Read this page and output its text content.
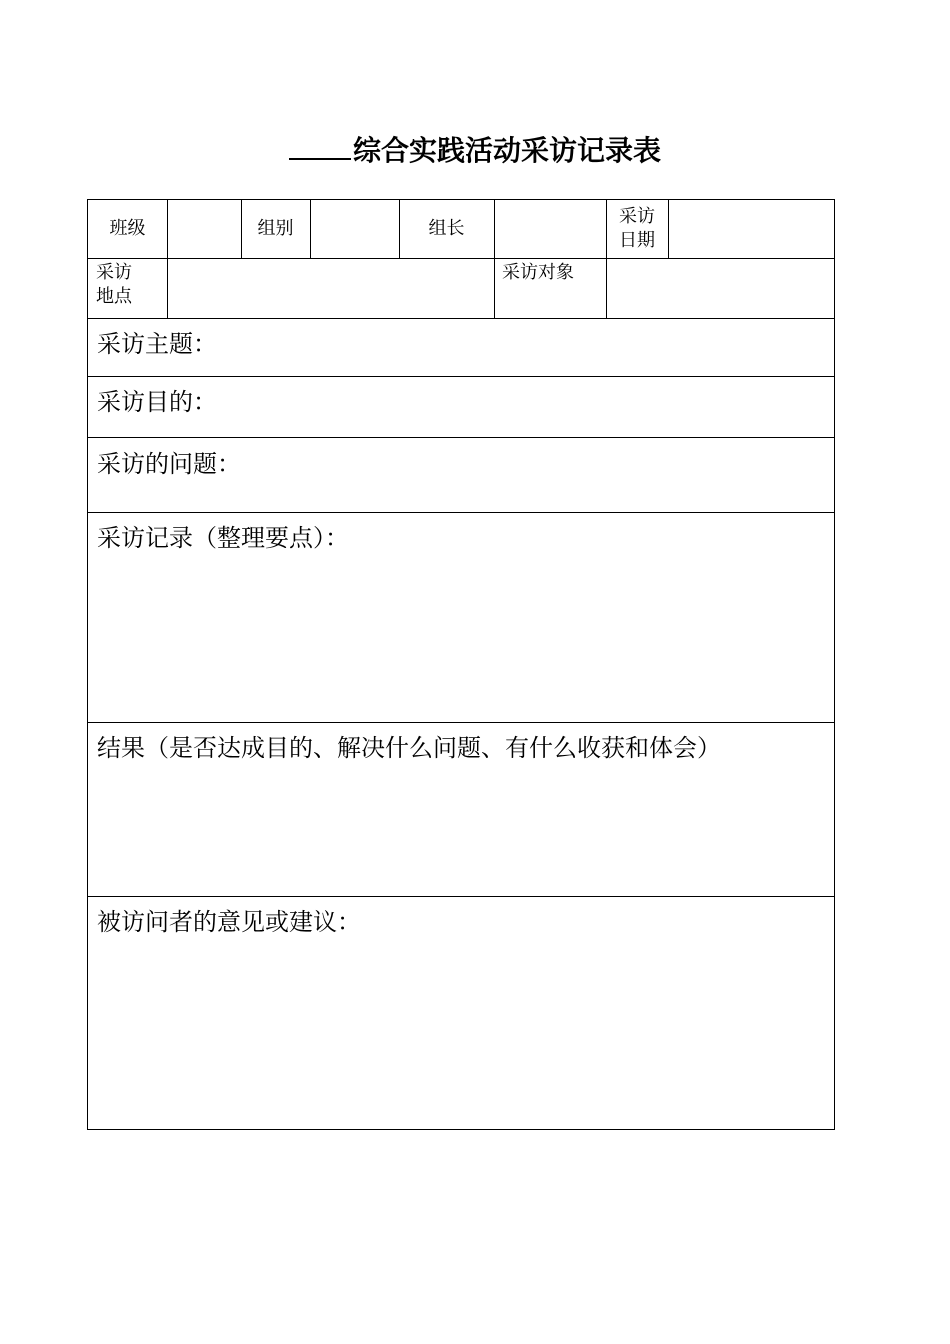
综合实践活动采访记录表
班级	组别	组长
采访
日期
采访
地点
采访对象
采访主题：
采访目的：
采访的问题：
采访记录（整理要点）：
结果（是否达成目的、解决什么问题、有什么收获和体会）
被访问者的意见或建议：
